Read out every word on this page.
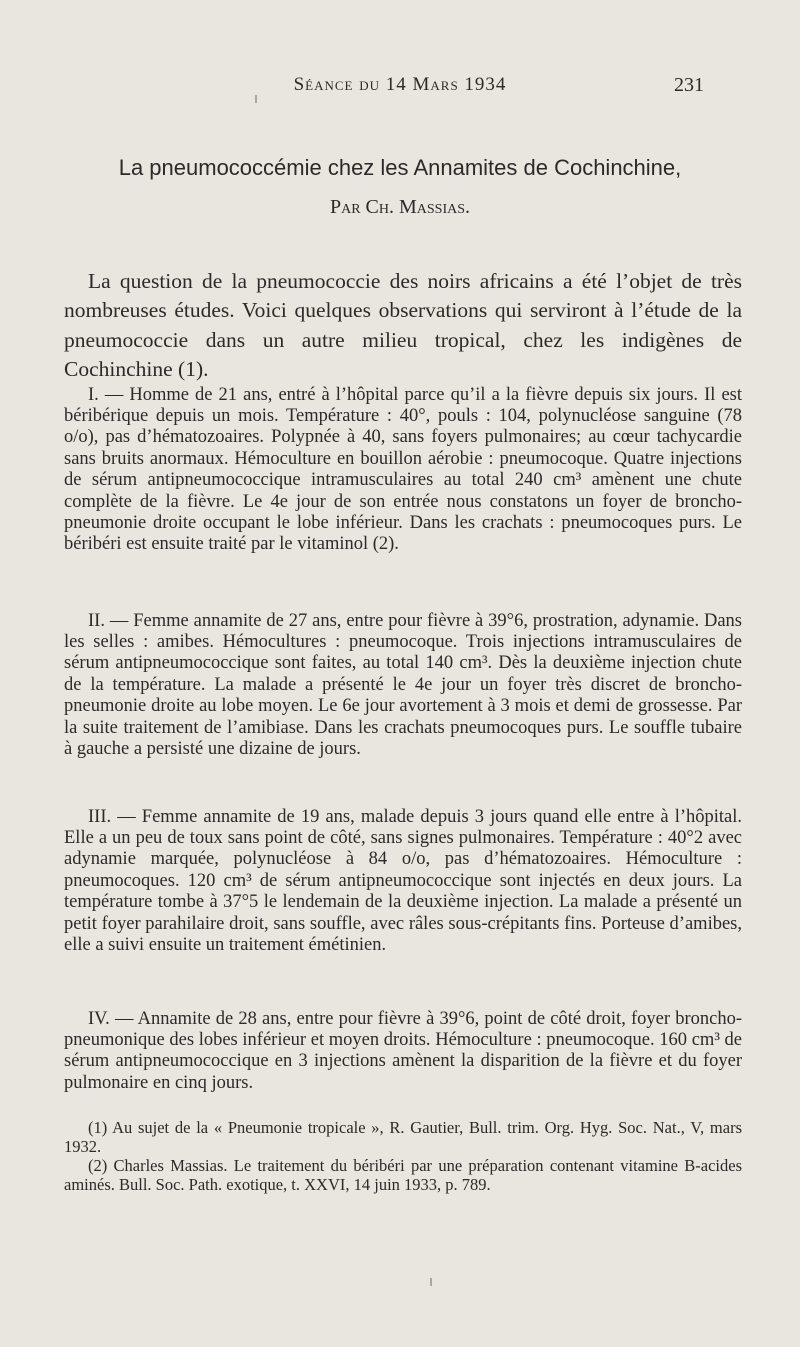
Séance du 14 Mars 1934	231
La pneumococcémie chez les Annamites de Cochinchine,
Par Ch. Massias.

La question de la pneumococcie des noirs africains a été l’objet de très nombreuses études. Voici quelques observations qui serviront à l’étude de la pneumococcie dans un autre milieu tropical, chez les indigènes de Cochinchine (1).

I. — Homme de 21 ans, entré à l’hôpital parce qu’il a la fièvre depuis six jours. Il est béribérique depuis un mois. Température : 40°, pouls : 104, polynucléose sanguine (78 o/o), pas d’hématozoaires. Polypnée à 40, sans foyers pulmonaires; au cœur tachycardie sans bruits anormaux. Hémoculture en bouillon aérobie : pneumocoque. Quatre injections de sérum antipneumococcique intramusculaires au total 240 cm³ amènent une chute complète de la fièvre. Le 4e jour de son entrée nous constatons un foyer de broncho-pneumonie droite occupant le lobe inférieur. Dans les crachats : pneumocoques purs. Le béribéri est ensuite traité par le vitaminol (2).

II. — Femme annamite de 27 ans, entre pour fièvre à 39°6, prostration, adynamie. Dans les selles : amibes. Hémocultures : pneumocoque. Trois injections intramusculaires de sérum antipneumococcique sont faites, au total 140 cm³. Dès la deuxième injection chute de la température. La malade a présenté le 4e jour un foyer très discret de broncho-pneumonie droite au lobe moyen. Le 6e jour avortement à 3 mois et demi de grossesse. Par la suite traitement de l’amibiase. Dans les crachats pneumocoques purs. Le souffle tubaire à gauche a persisté une dizaine de jours.

III. — Femme annamite de 19 ans, malade depuis 3 jours quand elle entre à l’hôpital. Elle a un peu de toux sans point de côté, sans signes pulmonaires. Température : 40°2 avec adynamie marquée, polynucléose à 84 o/o, pas d’hématozoaires. Hémoculture : pneumocoques. 120 cm³ de sérum antipneumococcique sont injectés en deux jours. La température tombe à 37°5 le lendemain de la deuxième injection. La malade a présenté un petit foyer parahilaire droit, sans souffle, avec râles sous-crépitants fins. Porteuse d’amibes, elle a suivi ensuite un traitement émétinien.

IV. — Annamite de 28 ans, entre pour fièvre à 39°6, point de côté droit, foyer broncho-pneumonique des lobes inférieur et moyen droits. Hémoculture : pneumocoque. 160 cm³ de sérum antipneumococcique en 3 injections amènent la disparition de la fièvre et du foyer pulmonaire en cinq jours.

(1) Au sujet de la « Pneumonie tropicale », R. Gautier, Bull. trim. Org. Hyg. Soc. Nat., V, mars 1932.

(2) Charles Massias. Le traitement du béribéri par une préparation contenant vitamine B-acides aminés. Bull. Soc. Path. exotique, t. XXVI, 14 juin 1933, p. 789.
